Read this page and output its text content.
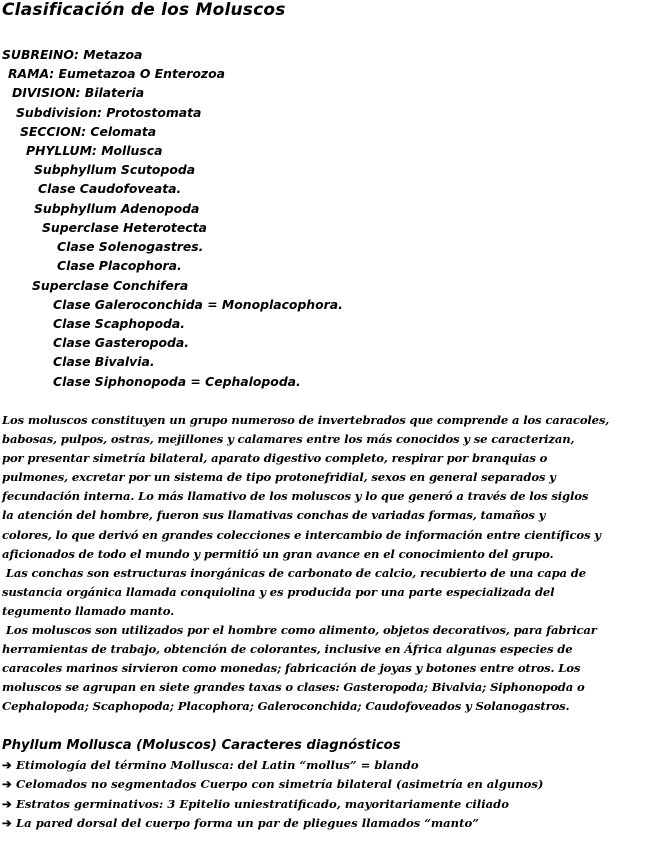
Clasificación de los Moluscos
SUBREINO: Metazoa
RAMA: Eumetazoa O Enterozoa
DIVISION: Bilateria
Subdivision: Protostomata
SECCION: Celomata
PHYLLUM: Mollusca
Subphyllum Scutopoda
Clase Caudofoveata.
Subphyllum Adenopoda
Superclase Heterotecta
Clase Solenogastres.
Clase Placophora.
Superclase Conchifera
Clase Galeroconchida = Monoplacophora.
Clase Scaphopoda.
Clase Gasteropoda.
Clase Bivalvia.
Clase Siphonopoda = Cephalopoda.
Los moluscos constituyen un grupo numeroso de invertebrados que comprende a los caracoles,
babosas, pulpos, ostras, mejillones y calamares entre los más conocidos y se caracterizan,
por presentar simetría bilateral, aparato digestivo completo, respirar por branquias o
pulmones, excretar por un sistema de tipo protonefridial, sexos en general separados y
fecundación interna. Lo más llamativo de los moluscos y lo que generó a través de los siglos
la atención del hombre, fueron sus llamativas conchas de variadas formas, tamaños y
colores, lo que derivó en grandes colecciones e intercambio de información entre científicos y
aficionados de todo el mundo y permitió un gran avance en el conocimiento del grupo.
Las conchas son estructuras inorgánicas de carbonato de calcio, recubierto de una capa de
sustancia orgánica llamada conquiolina y es producida por una parte especializada del
tegumento llamado manto.
Los moluscos son utilizados por el hombre como alimento, objetos decorativos, para fabricar
herramientas de trabajo, obtención de colorantes, inclusive en África algunas especies de
caracoles marinos sirvieron como monedas; fabricación de joyas y botones entre otros. Los
moluscos se agrupan en siete grandes taxas o clases: Gasteropoda; Bivalvia; Siphonopoda o
Cephalopoda; Scaphopoda; Placophora; Galeroconchida; Caudofoveados y Solanogastros.
Phyllum Mollusca (Moluscos) Caracteres diagnósticos
➔ Etimología del término Mollusca: del Latin “mollus” = blando
➔ Celomados no segmentados Cuerpo con simetría bilateral (asimetría en algunos)
➔ Estratos germinativos: 3 Epitelio uniestratificado, mayoritariamente ciliado
➔ La pared dorsal del cuerpo forma un par de pliegues llamados “manto”
